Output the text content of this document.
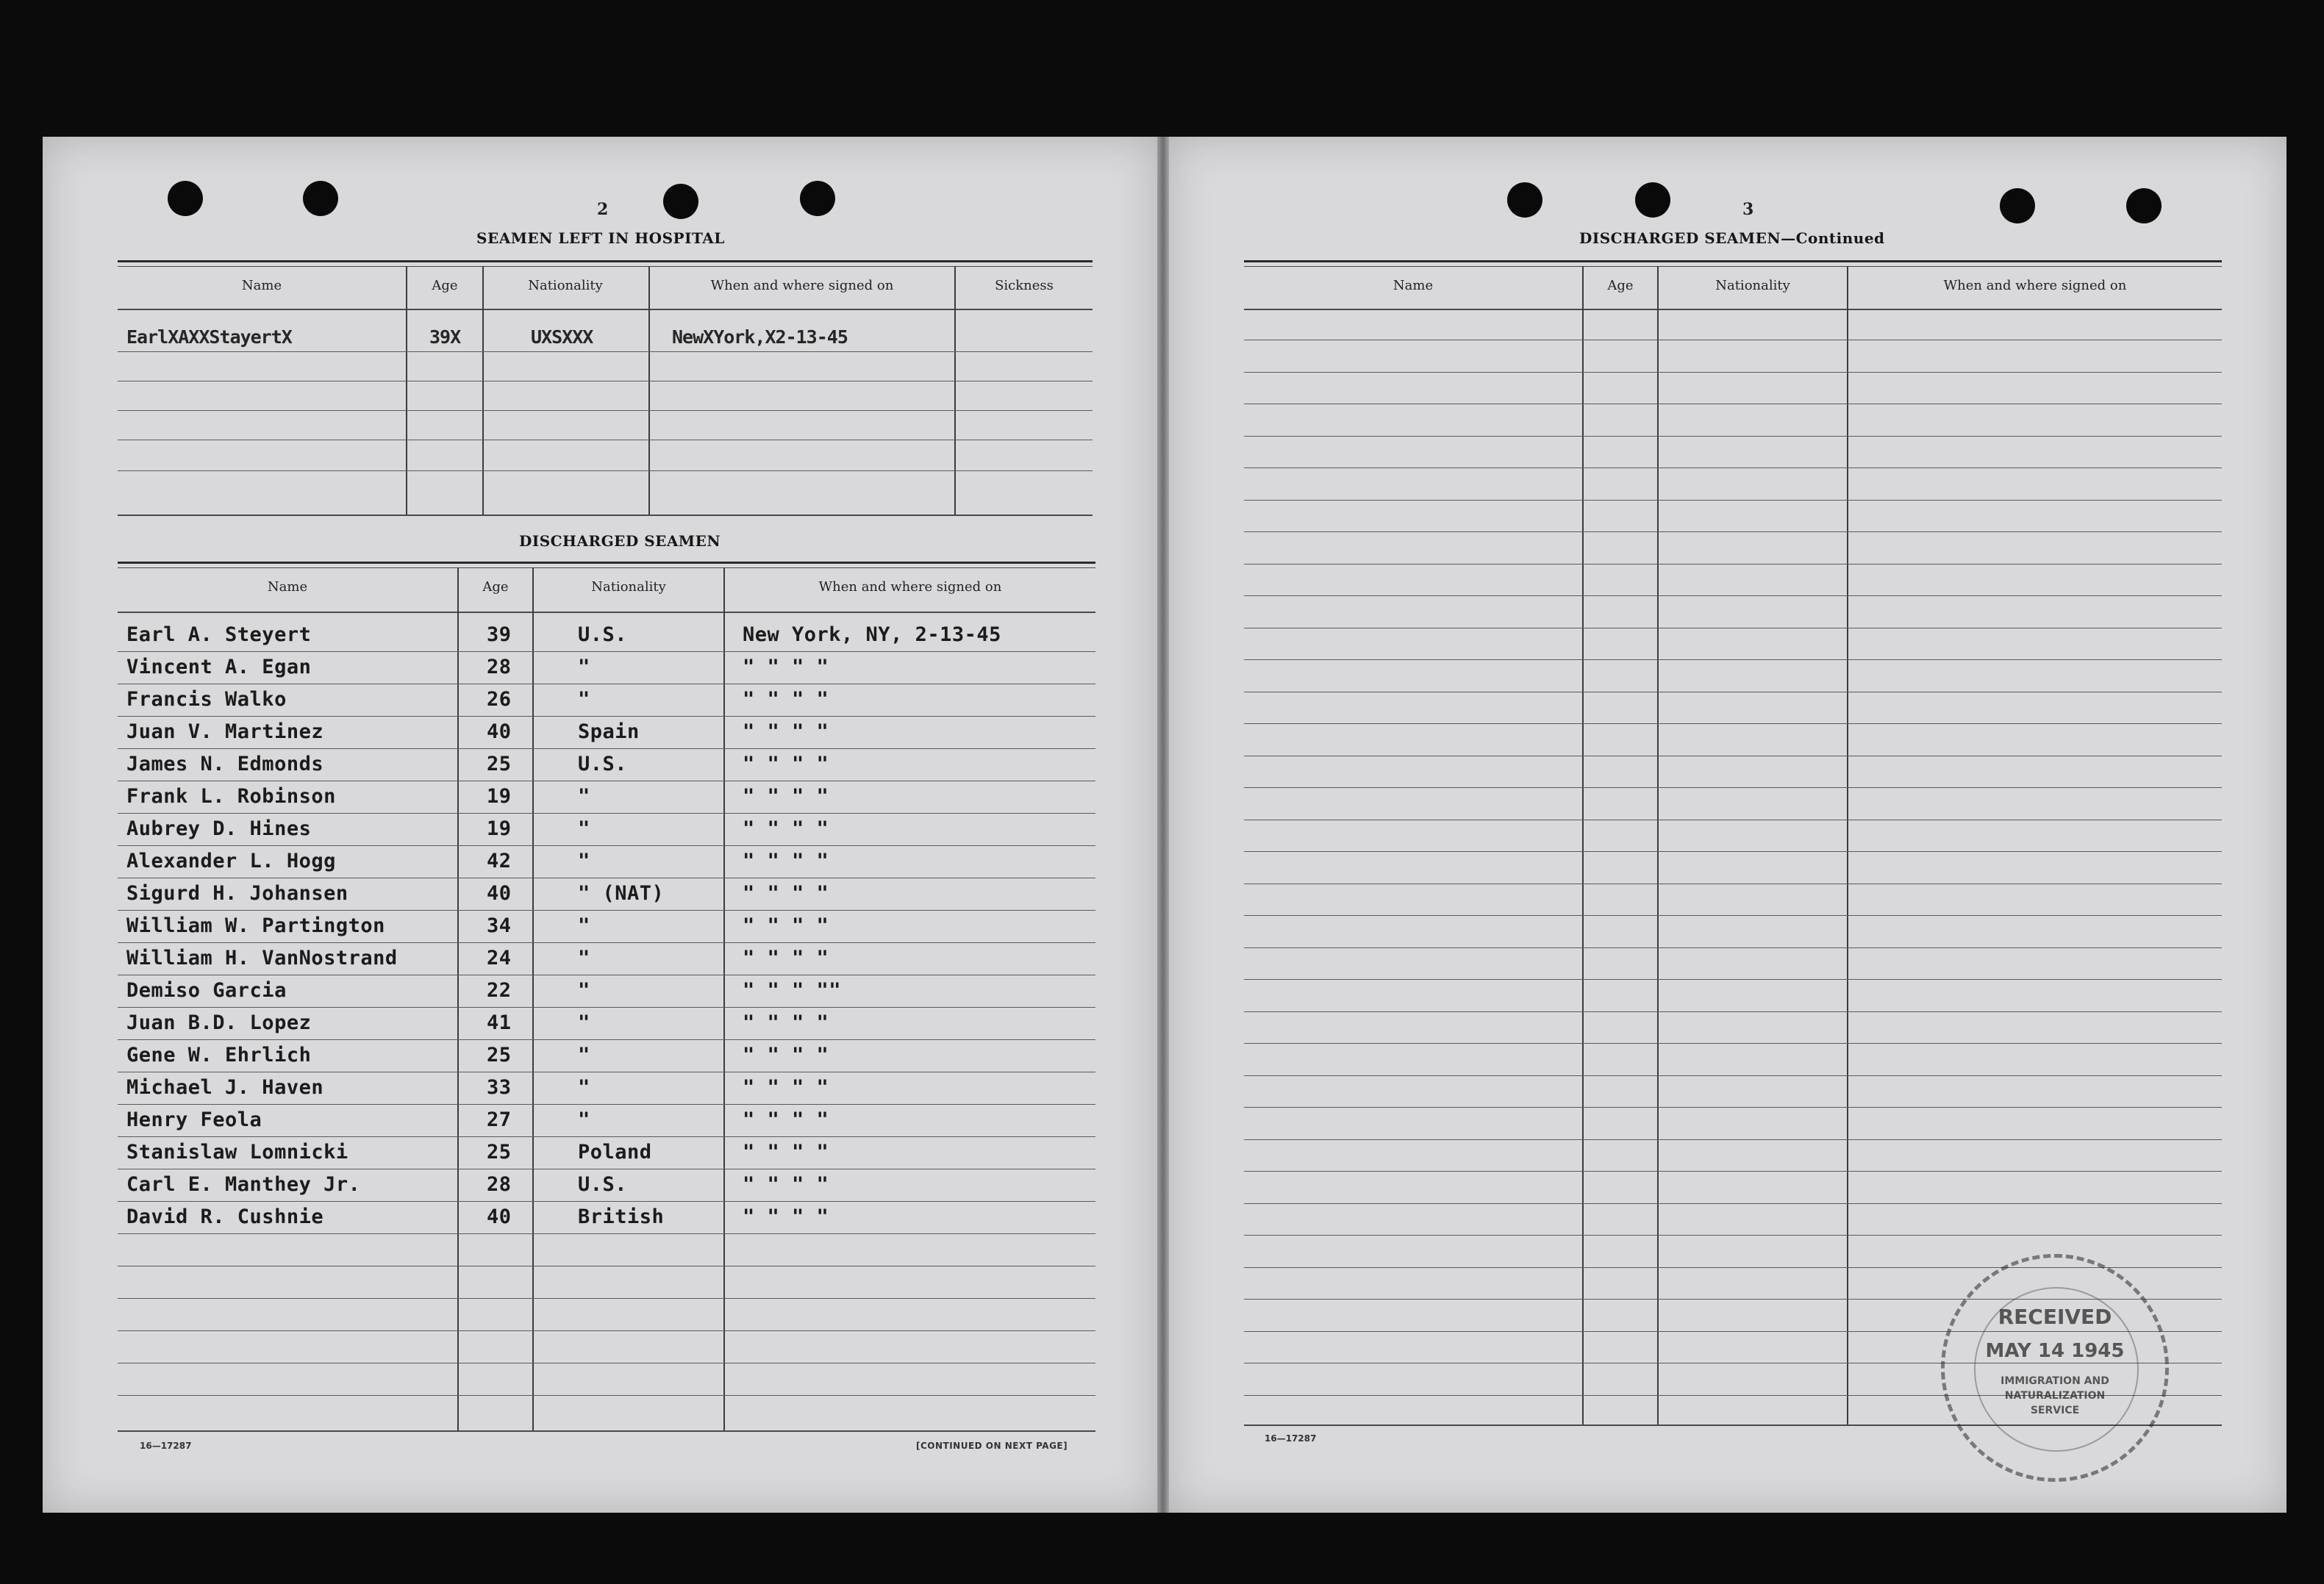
2
SEAMEN LEFT IN HOSPITAL
Name	Age	Nationality	When and where signed on	Sickness
EarlXAXXStayertX	39X	UXSXXX	NewXYork,X2-13-45
DISCHARGED SEAMEN
Name	Age	Nationality	When and where signed on
Earl A. Steyert	39	U.S.	New York, NY, 2-13-45
Vincent A. Egan	28	"	" " " "
Francis Walko	26	"	" " " "
Juan V. Martinez	40	Spain	" " " "
James N. Edmonds	25	U.S.	" " " "
Frank L. Robinson	19	"	" " " "
Aubrey D. Hines	19	"	" " " "
Alexander L. Hogg	42	"	" " " "
Sigurd H. Johansen	40	" (NAT)	" " " "
William W. Partington	34	"	" " " "
William H. VanNostrand	24	"	" " " "
Demiso Garcia	22	"	" " " ""
Juan B.D. Lopez	41	"	" " " "
Gene W. Ehrlich	25	"	" " " "
Michael J. Haven	33	"	" " " "
Henry Feola	27	"	" " " "
Stanislaw Lomnicki	25	Poland	" " " "
Carl E. Manthey Jr.	28	U.S.	" " " "
David R. Cushnie	40	British	" " " "
16—17287	[CONTINUED ON NEXT PAGE]
3
DISCHARGED SEAMEN—Continued
Name	Age	Nationality	When and where signed on
16—17287
RECEIVED
MAY 14 1945
IMMIGRATION AND
NATURALIZATION
SERVICE
